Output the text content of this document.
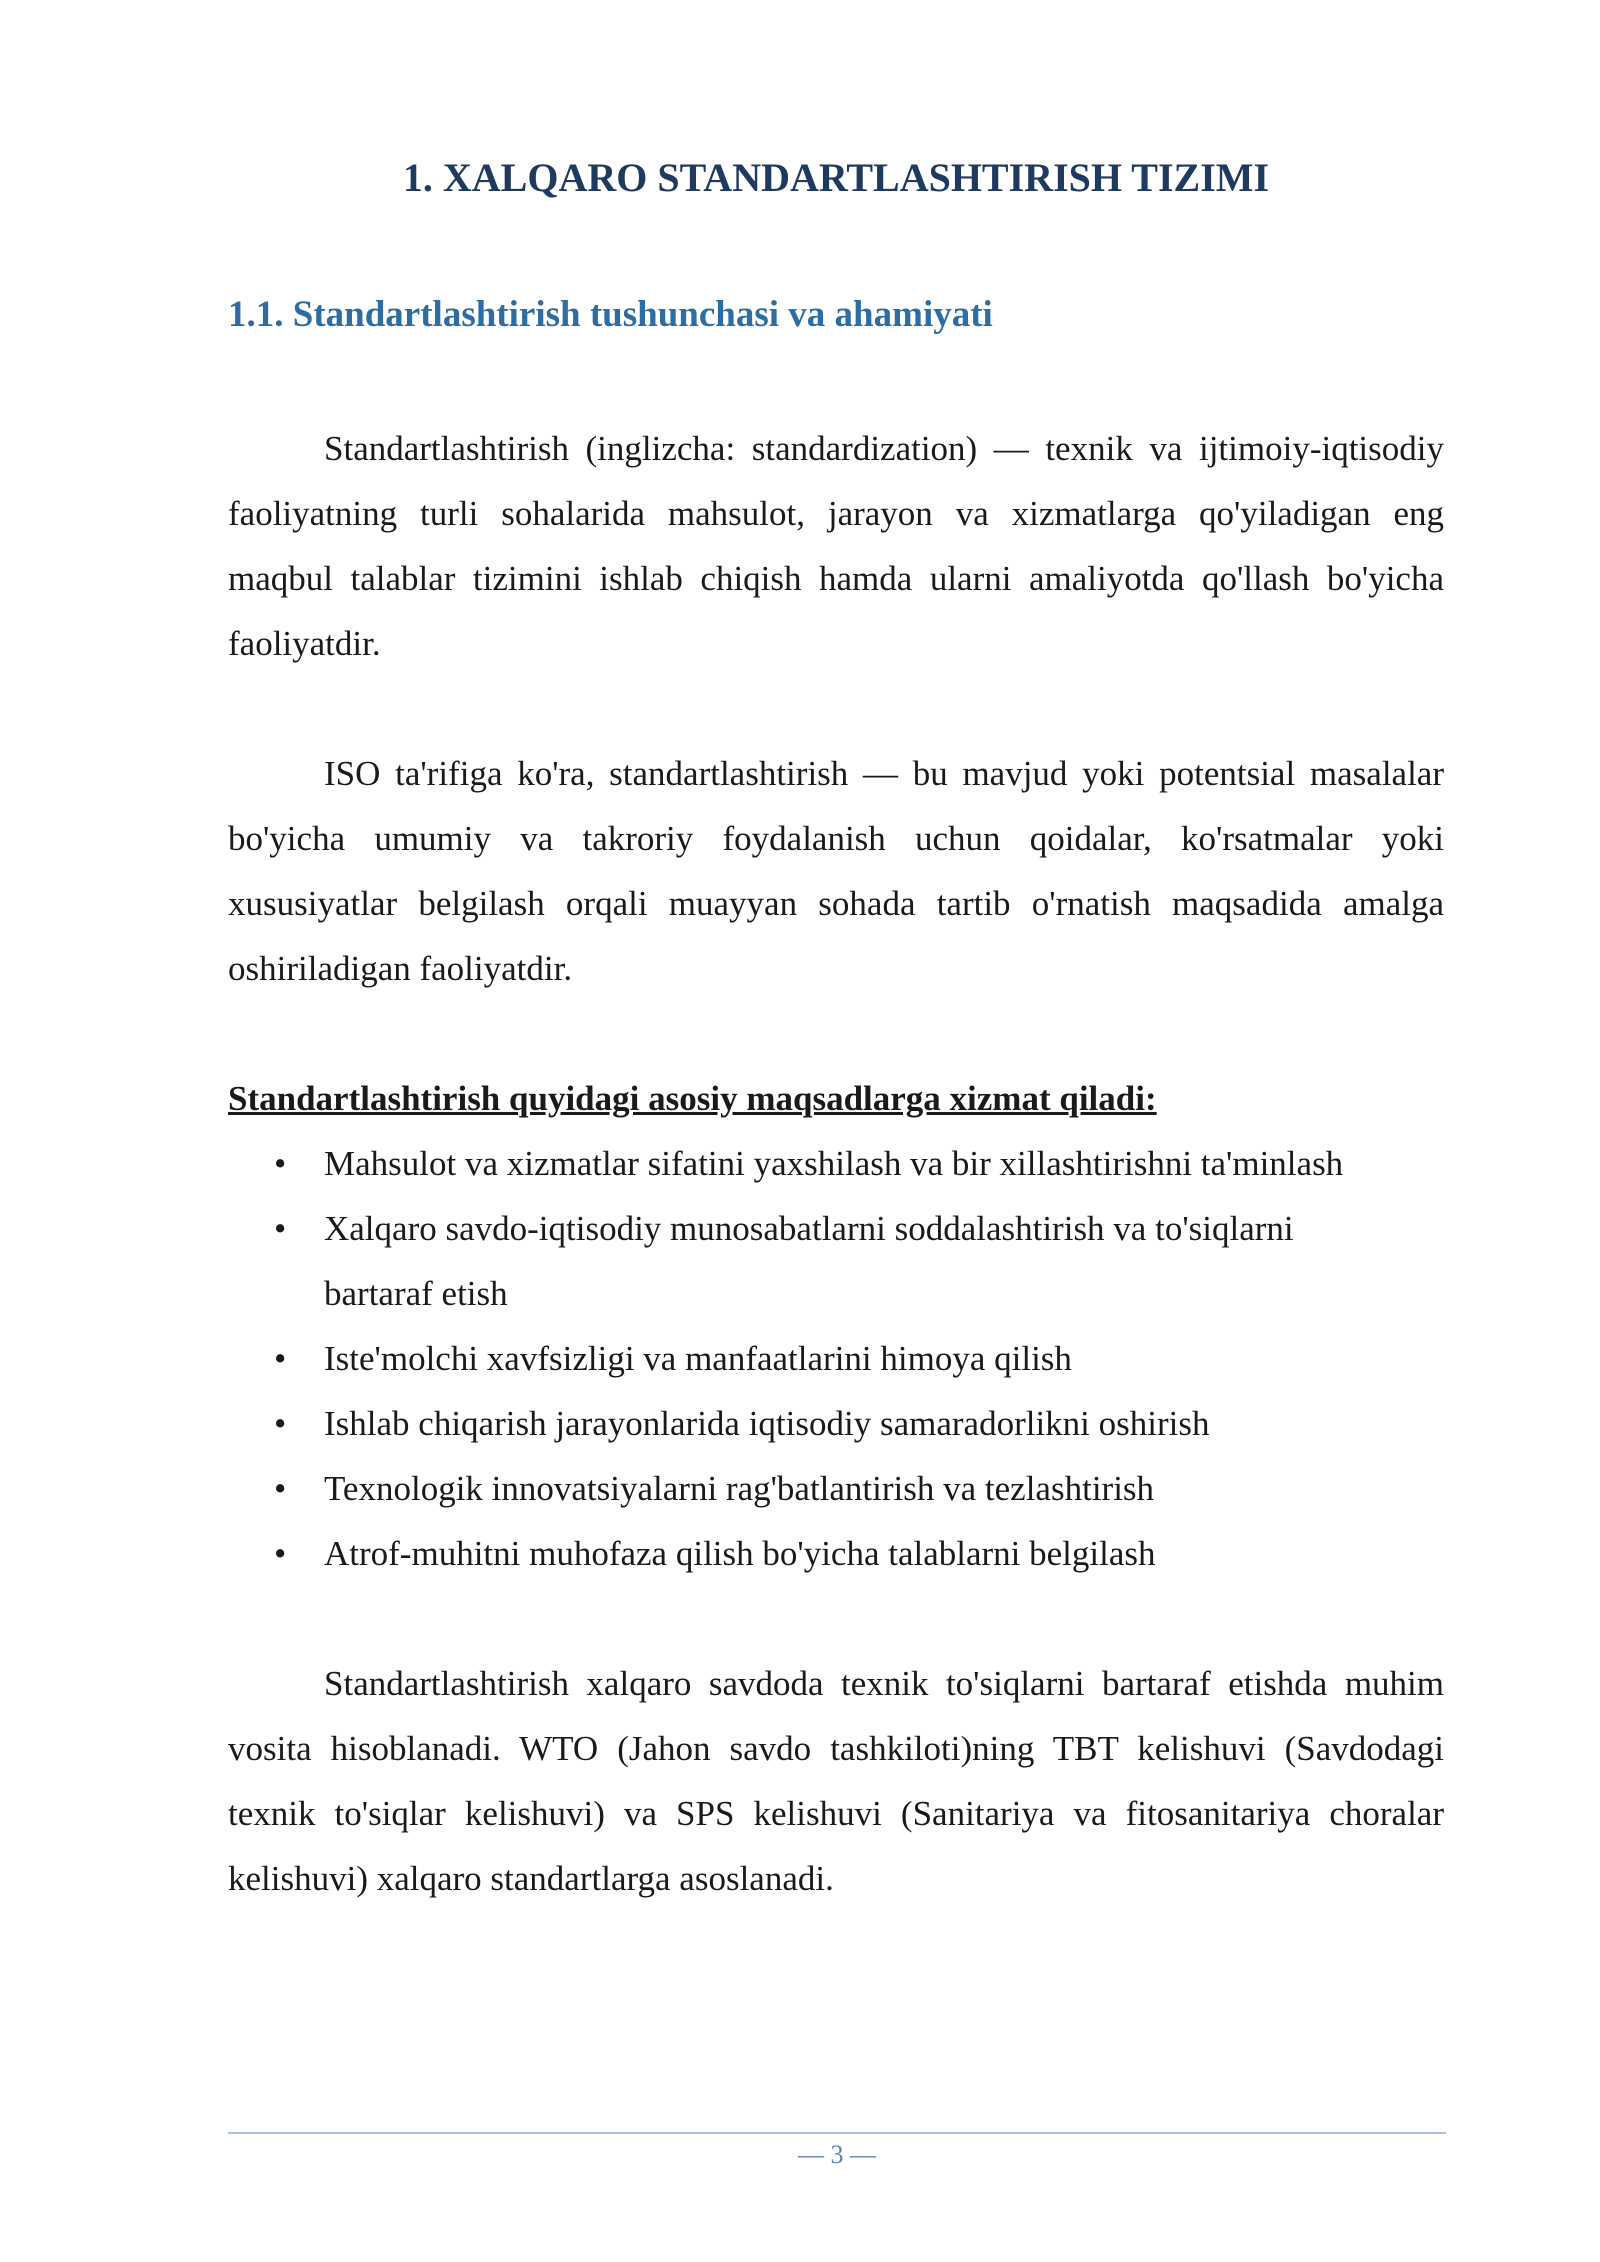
1. XALQARO STANDARTLASHTIRISH TIZIMI
1.1. Standartlashtirish tushunchasi va ahamiyati

Standartlashtirish (inglizcha: standardization) — texnik va ijtimoiy-iqtisodiy faoliyatning turli sohalarida mahsulot, jarayon va xizmatlarga qo'yiladigan eng maqbul talablar tizimini ishlab chiqish hamda ularni amaliyotda qo'llash bo'yicha faoliyatdir.

ISO ta'rifiga ko'ra, standartlashtirish — bu mavjud yoki potentsial masalalar bo'yicha umumiy va takroriy foydalanish uchun qoidalar, ko'rsatmalar yoki xususiyatlar belgilash orqali muayyan sohada tartib o'rnatish maqsadida amalga oshiriladigan faoliyatdir.

Standartlashtirish quyidagi asosiy maqsadlarga xizmat qiladi:

• Mahsulot va xizmatlar sifatini yaxshilash va bir xillashtirishni ta'minlash
• Xalqaro savdo-iqtisodiy munosabatlarni soddalashtirish va to'siqlarni bartaraf etish
• Iste'molchi xavfsizligi va manfaatlarini himoya qilish
• Ishlab chiqarish jarayonlarida iqtisodiy samaradorlikni oshirish
• Texnologik innovatsiyalarni rag'batlantirish va tezlashtirish
• Atrof-muhitni muhofaza qilish bo'yicha talablarni belgilash

Standartlashtirish xalqaro savdoda texnik to'siqlarni bartaraf etishda muhim vosita hisoblanadi. WTO (Jahon savdo tashkiloti)ning TBT kelishuvi (Savdodagi texnik to'siqlar kelishuvi) va SPS kelishuvi (Sanitariya va fitosanitariya choralar kelishuvi) xalqaro standartlarga asoslanadi.

— 3 —
